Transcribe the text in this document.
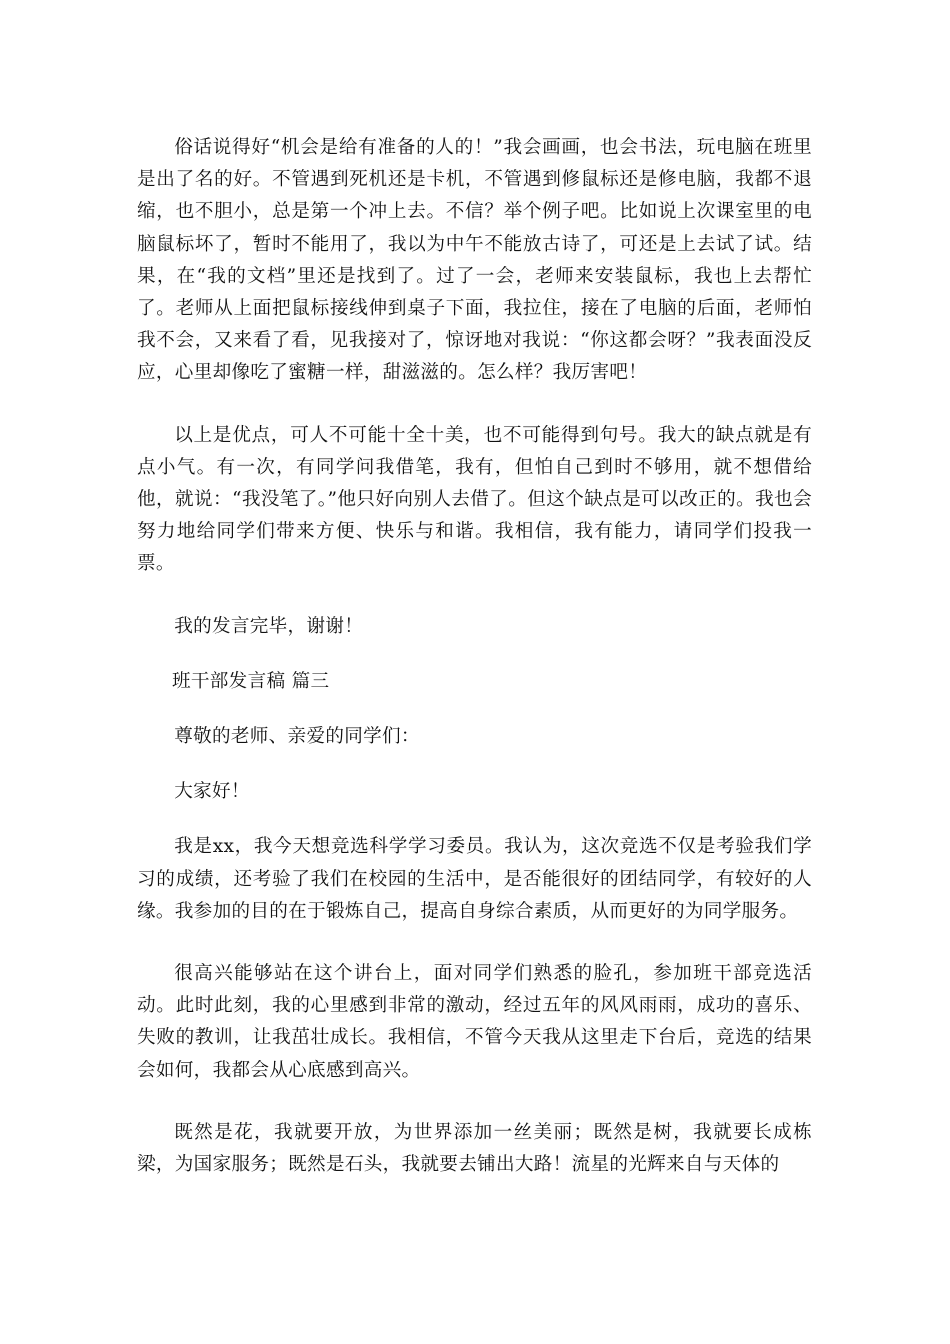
俗话说得好“机会是给有准备的人的！”我会画画，也会书法，玩电脑在班里是出了名的好。不管遇到死机还是卡机，不管遇到修鼠标还是修电脑，我都不退缩，也不胆小，总是第一个冲上去。不信？举个例子吧。比如说上次课室里的电脑鼠标坏了，暂时不能用了，我以为中午不能放古诗了，可还是上去试了试。结果，在“我的文档”里还是找到了。过了一会，老师来安装鼠标，我也上去帮忙了。老师从上面把鼠标接线伸到桌子下面，我拉住，接在了电脑的后面，老师怕我不会，又来看了看，见我接对了，惊讶地对我说：“你这都会呀？”我表面没反应，心里却像吃了蜜糖一样，甜滋滋的。怎么样？我厉害吧！

以上是优点，可人不可能十全十美，也不可能得到句号。我大的缺点就是有点小气。有一次，有同学问我借笔，我有，但怕自己到时不够用，就不想借给他，就说：“我没笔了。”他只好向别人去借了。但这个缺点是可以改正的。我也会努力地给同学们带来方便、快乐与和谐。我相信，我有能力，请同学们投我一票。

我的发言完毕，谢谢！

班干部发言稿 篇三

尊敬的老师、亲爱的同学们：

大家好！

我是xx，我今天想竞选科学学习委员。我认为，这次竞选不仅是考验我们学习的成绩，还考验了我们在校园的生活中，是否能很好的团结同学，有较好的人缘。我参加的目的在于锻炼自己，提高自身综合素质，从而更好的为同学服务。

很高兴能够站在这个讲台上，面对同学们熟悉的脸孔，参加班干部竞选活动。此时此刻，我的心里感到非常的激动，经过五年的风风雨雨，成功的喜乐、失败的教训，让我茁壮成长。我相信，不管今天我从这里走下台后，竞选的结果会如何，我都会从心底感到高兴。

既然是花，我就要开放，为世界添加一丝美丽；既然是树，我就要长成栋梁，为国家服务；既然是石头，我就要去铺出大路！流星的光辉来自与天体的
